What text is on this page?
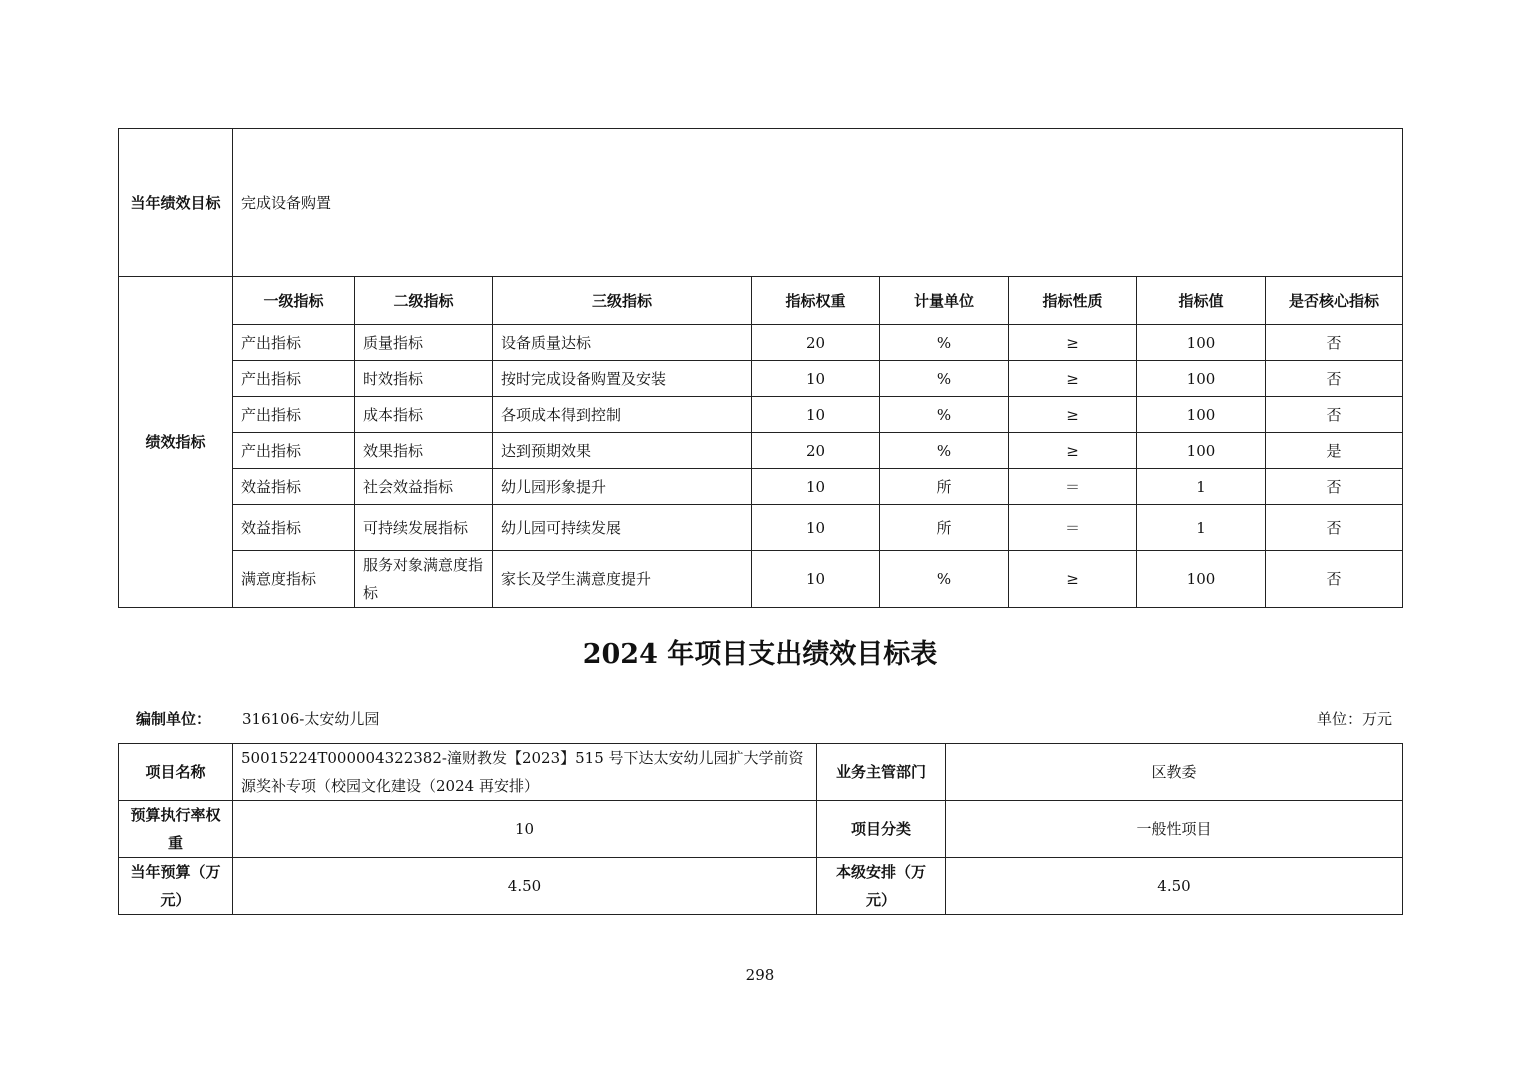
当年绩效目标	完成设备购置							
绩效指标	一级指标	二级指标	三级指标	指标权重	计量单位	指标性质	指标值	是否核心指标
	产出指标	质量指标	设备质量达标	20	%	≥	100	否
	产出指标	时效指标	按时完成设备购置及安装	10	%	≥	100	否
	产出指标	成本指标	各项成本得到控制	10	%	≥	100	否
	产出指标	效果指标	达到预期效果	20	%	≥	100	是
	效益指标	社会效益指标	幼儿园形象提升	10	所	＝	1	否
	效益指标	可持续发展指标	幼儿园可持续发展	10	所	＝	1	否
	满意度指标	服务对象满意度指标	家长及学生满意度提升	10	%	≥	100	否
2024 年项目支出绩效目标表
编制单位： 316106-太安幼儿园	单位：万元
项目名称	50015224T000004322382-潼财教发【2023】515 号下达太安幼儿园扩大学前资源奖补专项（校园文化建设（2024 再安排）	业务主管部门	区教委
预算执行率权重	10	项目分类	一般性项目
当年预算（万元）	4.50	本级安排（万元）	4.50
298
